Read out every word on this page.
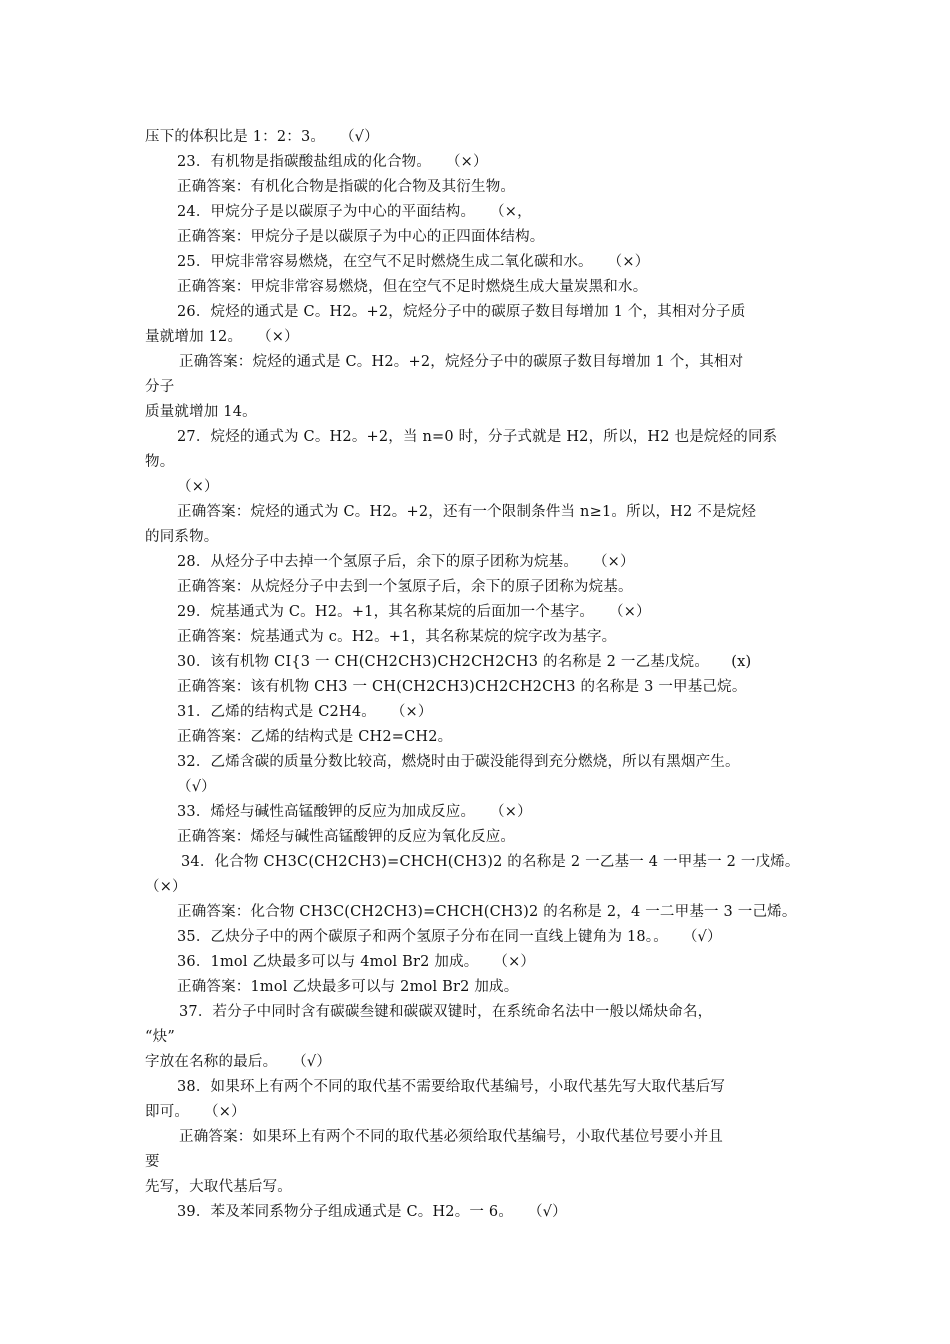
压下的体积比是 1：2：3。　　（√）
23．有机物是指碳酸盐组成的化合物。　　（×）
正确答案：有机化合物是指碳的化合物及其衍生物。
24．甲烷分子是以碳原子为中心的平面结构。　　（×，
正确答案：甲烷分子是以碳原子为中心的正四面体结构。
25．甲烷非常容易燃烧，在空气不足时燃烧生成二氧化碳和水。　　（×）
正确答案：甲烷非常容易燃烧，但在空气不足时燃烧生成大量炭黑和水。
26．烷烃的通式是 C。H2。+2，烷烃分子中的碳原子数目每增加 1 个，其相对分子质
量就增加 12。　　（×）
正确答案：烷烃的通式是 C。H2。+2，烷烃分子中的碳原子数目每增加 1 个，其相对
分子
质量就增加 14。
27．烷烃的通式为 C。H2。+2，当 n=0 时，分子式就是 H2，所以，H2 也是烷烃的同系
物。
（×）
正确答案：烷烃的通式为 C。H2。+2，还有一个限制条件当 n≥1。所以，H2 不是烷烃
的同系物。
28．从烃分子中去掉一个氢原子后，余下的原子团称为烷基。　　（×）
正确答案：从烷烃分子中去到一个氢原子后，余下的原子团称为烷基。
29．烷基通式为 C。H2。+1，其名称某烷的后面加一个基字。　　（×）
正确答案：烷基通式为 c。H2。+1，其名称某烷的烷字改为基字。
30．该有机物 CI{3 一 CH(CH2CH3)CH2CH2CH3 的名称是 2 一乙基戊烷。　　(x)
正确答案：该有机物 CH3 一 CH(CH2CH3)CH2CH2CH3 的名称是 3 一甲基己烷。
31．乙烯的结构式是 C2H4。　　（×）
正确答案：乙烯的结构式是 CH2=CH2。
32．乙烯含碳的质量分数比较高，燃烧时由于碳没能得到充分燃烧，所以有黑烟产生。
（√）
33．烯烃与碱性高锰酸钾的反应为加成反应。　　（×）
正确答案：烯烃与碱性高锰酸钾的反应为氧化反应。
34．化合物 CH3C(CH2CH3)=CHCH(CH3)2 的名称是 2 一乙基一 4 一甲基一 2 一戊烯。
（×）
正确答案：化合物 CH3C(CH2CH3)=CHCH(CH3)2 的名称是 2，4 一二甲基一 3 一己烯。
35．乙炔分子中的两个碳原子和两个氢原子分布在同一直线上键角为 18。。　　（√）
36．1mol 乙炔最多可以与 4mol Br2 加成。　　（×）
正确答案：1mol 乙炔最多可以与 2mol Br2 加成。
37．若分子中同时含有碳碳叁键和碳碳双键时，在系统命名法中一般以烯炔命名，
“炔”
字放在名称的最后。　　（√）
38．如果环上有两个不同的取代基不需要给取代基编号，小取代基先写大取代基后写
即可。　　（×）
正确答案：如果环上有两个不同的取代基必须给取代基编号，小取代基位号要小并且
要
先写，大取代基后写。
39．苯及苯同系物分子组成通式是 C。H2。一 6。　　（√）
